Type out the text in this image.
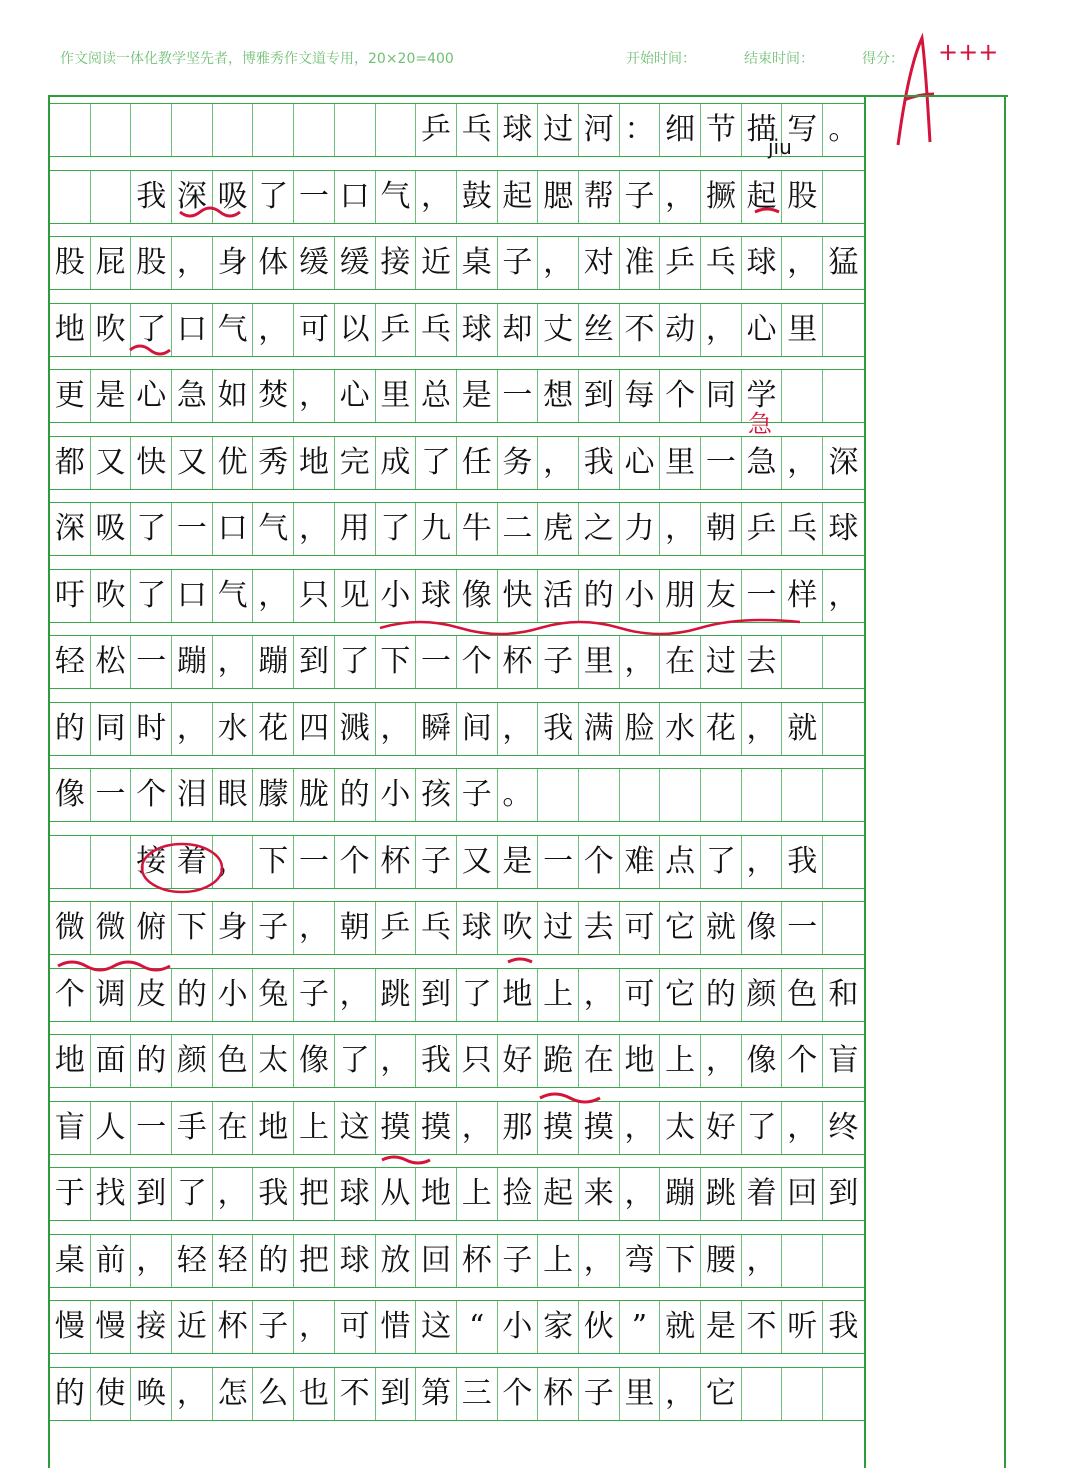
作文阅读一体化教学坚先者，博雅秀作文道专用，20×20=400	开始时间：	结束时间：	得分： +++
乒 乓 球 过 河 ： 细 节 描 写 。
我 深 吸 了 一 口 气 ， 鼓 起 腮 帮 子 ， 撅 起 股
股 屁 股 ， 身 体 缓 缓 接 近 桌 子 ， 对 准 乒 乓 球 ， 猛
地 吹 了 口 气 ， 可 以 乒 乓 球 却 丈 丝 不 动 ， 心 里
更 是 心 急 如 焚 ， 心 里 总 是 一 想 到 每 个 同 学
都 又 快 又 优 秀 地 完 成 了 任 务 ， 我 心 里 一 急 ， 深
深 吸 了 一 口 气 ， 用 了 九 牛 二 虎 之 力 ， 朝 乒 乓 球
吁 吹 了 口 气 ， 只 见 小 球 像 快 活 的 小 朋 友 一 样 ，
轻 松 一 蹦 ， 蹦 到 了 下 一 个 杯 子 里 ， 在 过 去
的 同 时 ， 水 花 四 溅 ， 瞬 间 ， 我 满 脸 水 花 ， 就
像 一 个 泪 眼 朦 胧 的 小 孩 子 。
接 着 ， 下 一 个 杯 子 又 是 一 个 难 点 了 ， 我
微 微 俯 下 身 子 ， 朝 乒 乓 球 吹 过 去 可 它 就 像 一
个 调 皮 的 小 兔 子 ， 跳 到 了 地 上 ， 可 它 的 颜 色 和
地 面 的 颜 色 太 像 了 ， 我 只 好 跪 在 地 上 ， 像 个 盲
盲 人 一 手 在 地 上 这 摸 摸 ， 那 摸 摸 ， 太 好 了 ， 终
于 找 到 了 ， 我 把 球 从 地 上 捡 起 来 ， 蹦 跳 着 回 到
桌 前 ， 轻 轻 的 把 球 放 回 杯 子 上 ， 弯 下 腰 ，
慢 慢 接 近 杯 子 ， 可 惜 这 “ 小 家 伙 ” 就 是 不 听 我
的 使 唤 ， 怎 么 也 不 到 第 三 个 杯 子 里 ， 它
jiu
急
